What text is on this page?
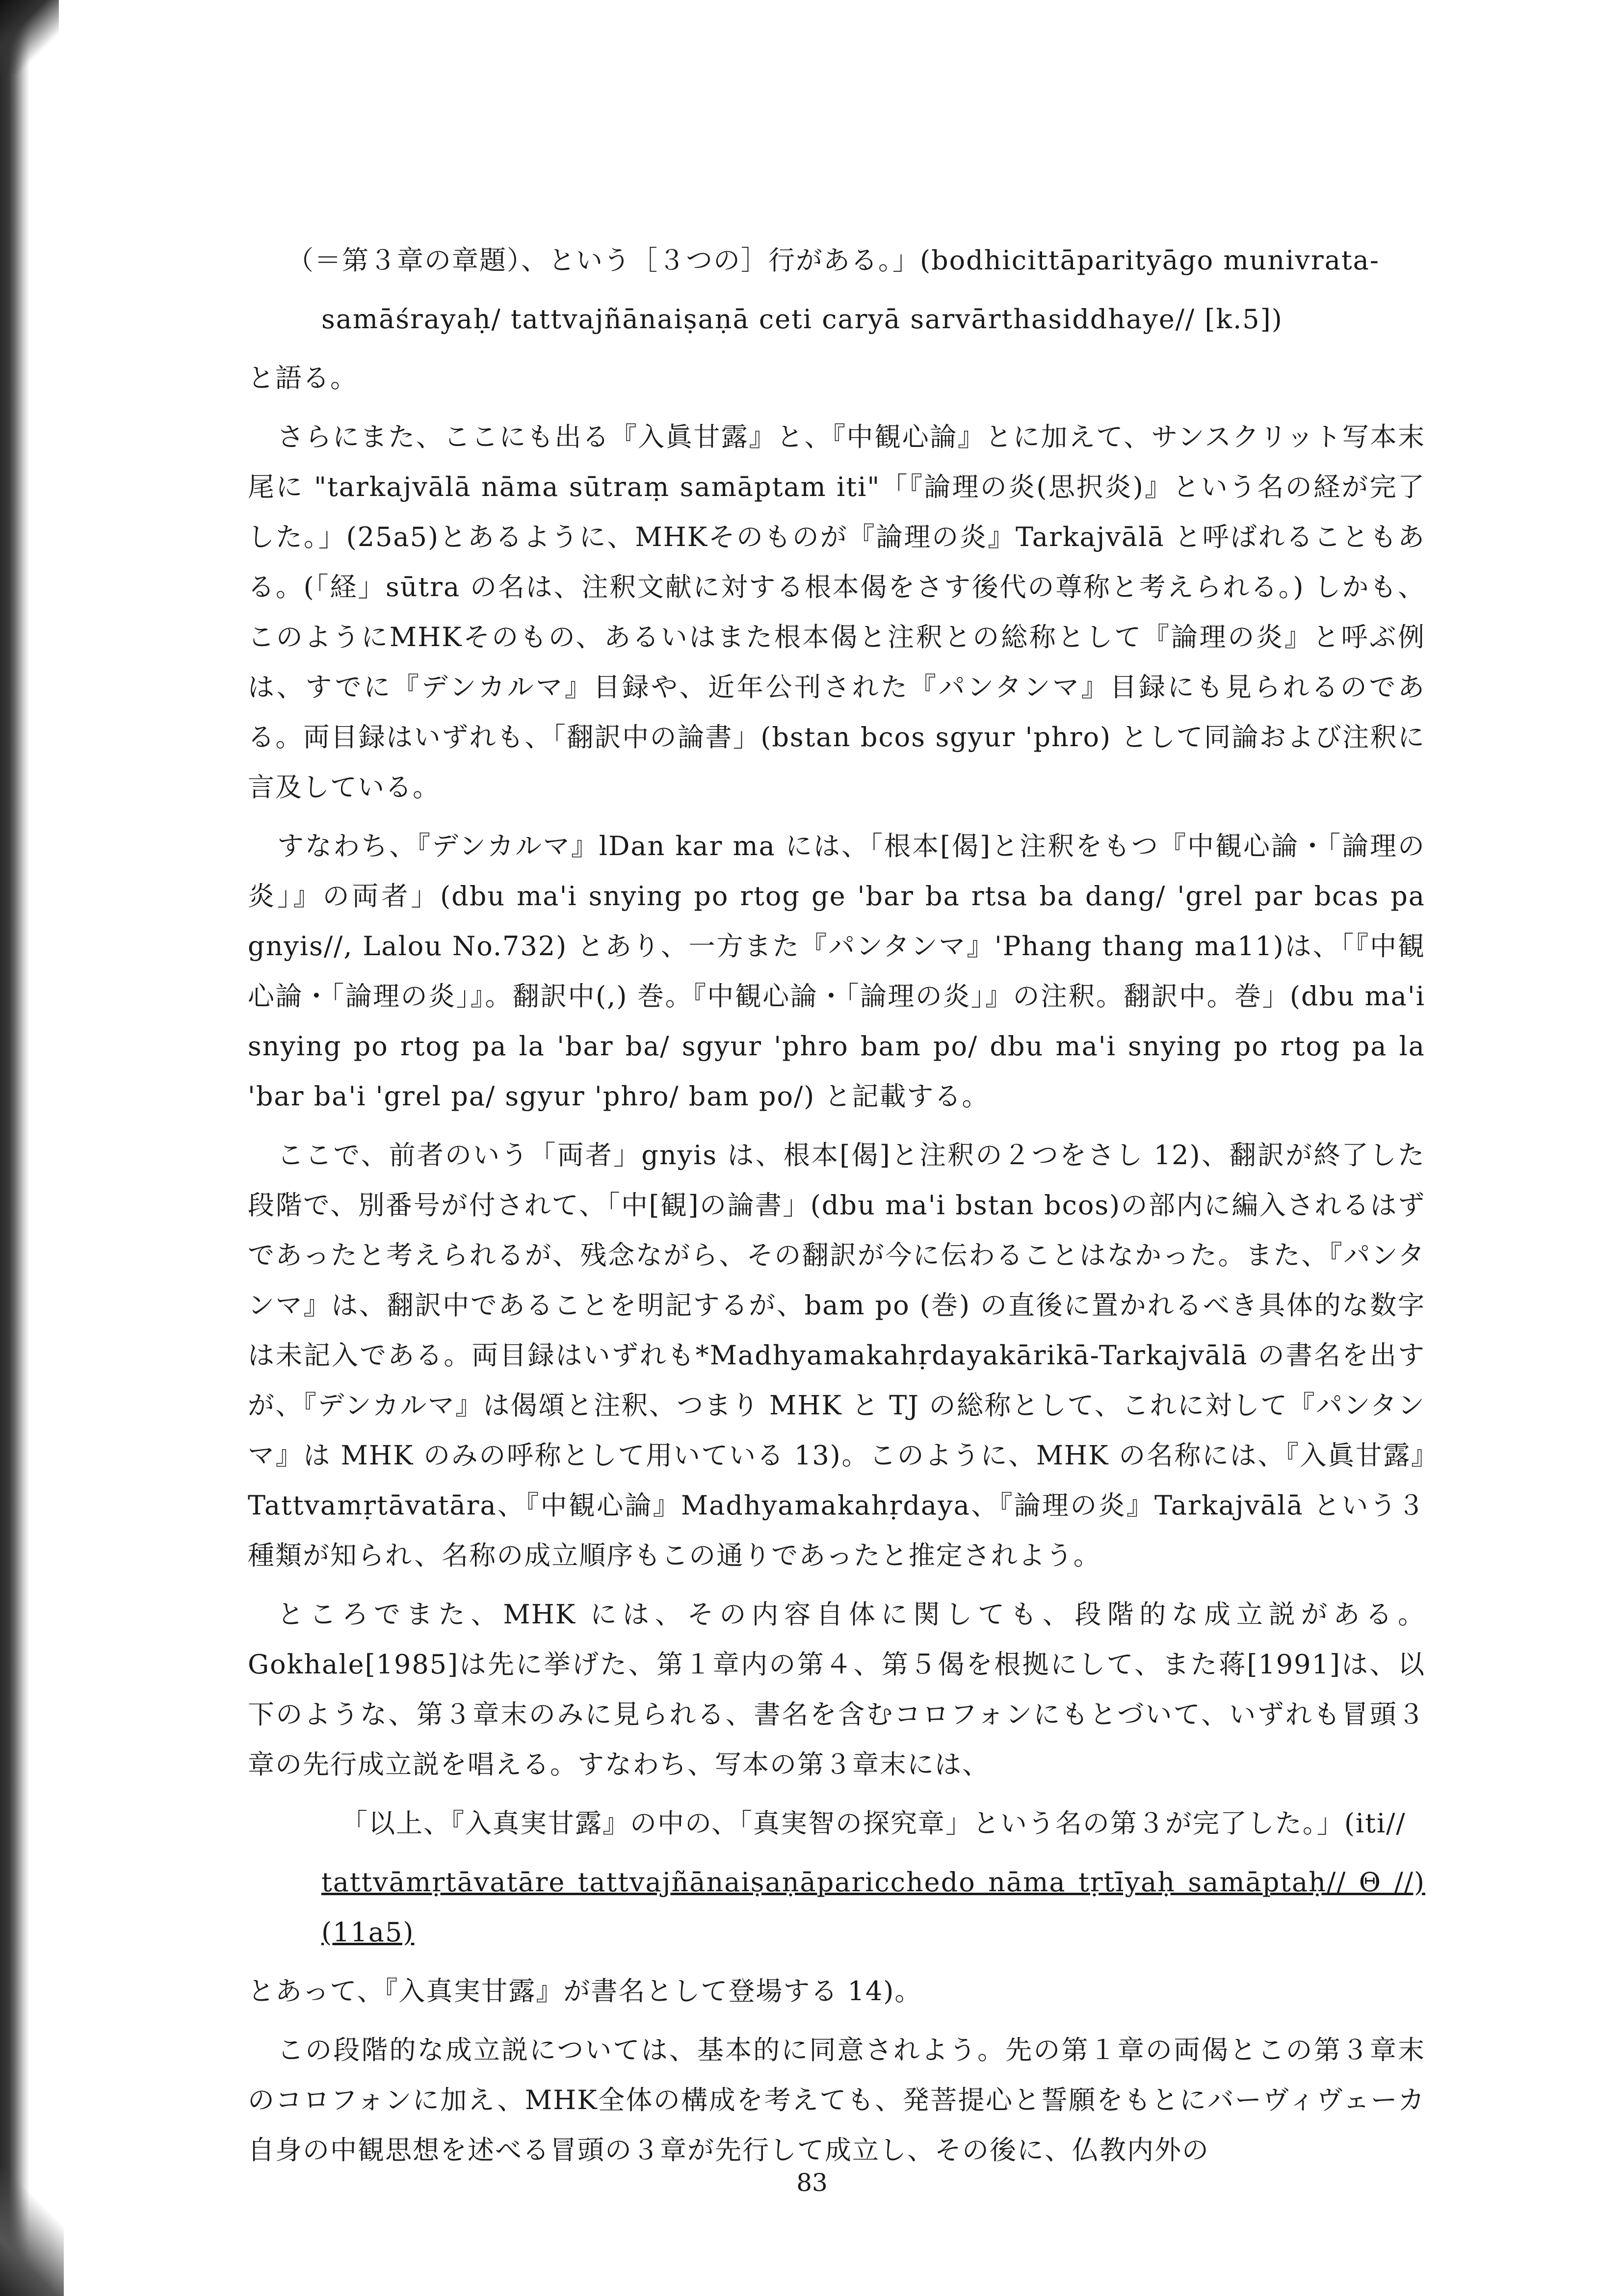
（＝第３章の章題）、という［３つの］行がある。」(bodhicittāparityāgo munivrata-

samāśrayaḥ/ tattvajñānaiṣaṇā ceti caryā sarvārthasiddhaye// [k.5])

と語る。

さらにまた、ここにも出る『入眞甘露』と、『中観心論』とに加えて、サンスクリット写本末尾に "tarkajvālā nāma sūtraṃ samāptam iti"「『論理の炎(思択炎)』という名の経が完了した。」(25a5)とあるように、MHKそのものが『論理の炎』Tarkajvālā と呼ばれることもある。(「経」sūtra の名は、注釈文献に対する根本偈をさす後代の尊称と考えられる。) しかも、このようにMHKそのもの、あるいはまた根本偈と注釈との総称として『論理の炎』と呼ぶ例は、すでに『デンカルマ』目録や、近年公刊された『パンタンマ』目録にも見られるのである。両目録はいずれも、「翻訳中の論書」(bstan bcos sgyur 'phro) として同論および注釈に言及している。

すなわち、『デンカルマ』lDan kar ma には、「根本[偈]と注釈をもつ『中観心論・「論理の炎」』の両者」(dbu ma'i snying po rtog ge 'bar ba rtsa ba dang/ 'grel par bcas pa gnyis//, Lalou No.732) とあり、一方また『パンタンマ』'Phang thang ma11)は、「『中観心論・「論理の炎」』。翻訳中(,) 巻。『中観心論・「論理の炎」』の注釈。翻訳中。巻」(dbu ma'i snying po rtog pa la 'bar ba/ sgyur 'phro bam po/ dbu ma'i snying po rtog pa la 'bar ba'i 'grel pa/ sgyur 'phro/ bam po/) と記載する。

ここで、前者のいう「両者」gnyis は、根本[偈]と注釈の２つをさし 12)、翻訳が終了した段階で、別番号が付されて、「中[観]の論書」(dbu ma'i bstan bcos)の部内に編入されるはずであったと考えられるが、残念ながら、その翻訳が今に伝わることはなかった。また、『パンタンマ』は、翻訳中であることを明記するが、bam po (巻) の直後に置かれるべき具体的な数字は未記入である。両目録はいずれも*Madhyamakahṛdayakārikā-Tarkajvālā の書名を出すが、『デンカルマ』は偈頌と注釈、つまり MHK と TJ の総称として、これに対して『パンタンマ』は MHK のみの呼称として用いている 13)。このように、MHK の名称には、『入眞甘露』Tattvamṛtāvatāra、『中観心論』Madhyamakahṛdaya、『論理の炎』Tarkajvālā という３種類が知られ、名称の成立順序もこの通りであったと推定されよう。

ところでまた、MHK には、その内容自体に関しても、段階的な成立説がある。Gokhale[1985]は先に挙げた、第１章内の第４、第５偈を根拠にして、また蒋[1991]は、以下のような、第３章末のみに見られる、書名を含むコロフォンにもとづいて、いずれも冒頭３章の先行成立説を唱える。すなわち、写本の第３章末には、

「以上、『入真実甘露』の中の、「真実智の探究章」という名の第３が完了した。」(iti//

tattvāmṛtāvatāre tattvajñānaiṣaṇāparicchedo nāma tṛtīyaḥ samāptaḥ// Θ //)(11a5)

とあって、『入真実甘露』が書名として登場する 14)。

この段階的な成立説については、基本的に同意されよう。先の第１章の両偈とこの第３章末のコロフォンに加え、MHK全体の構成を考えても、発菩提心と誓願をもとにバーヴィヴェーカ自身の中観思想を述べる冒頭の３章が先行して成立し、その後に、仏教内外の

83
